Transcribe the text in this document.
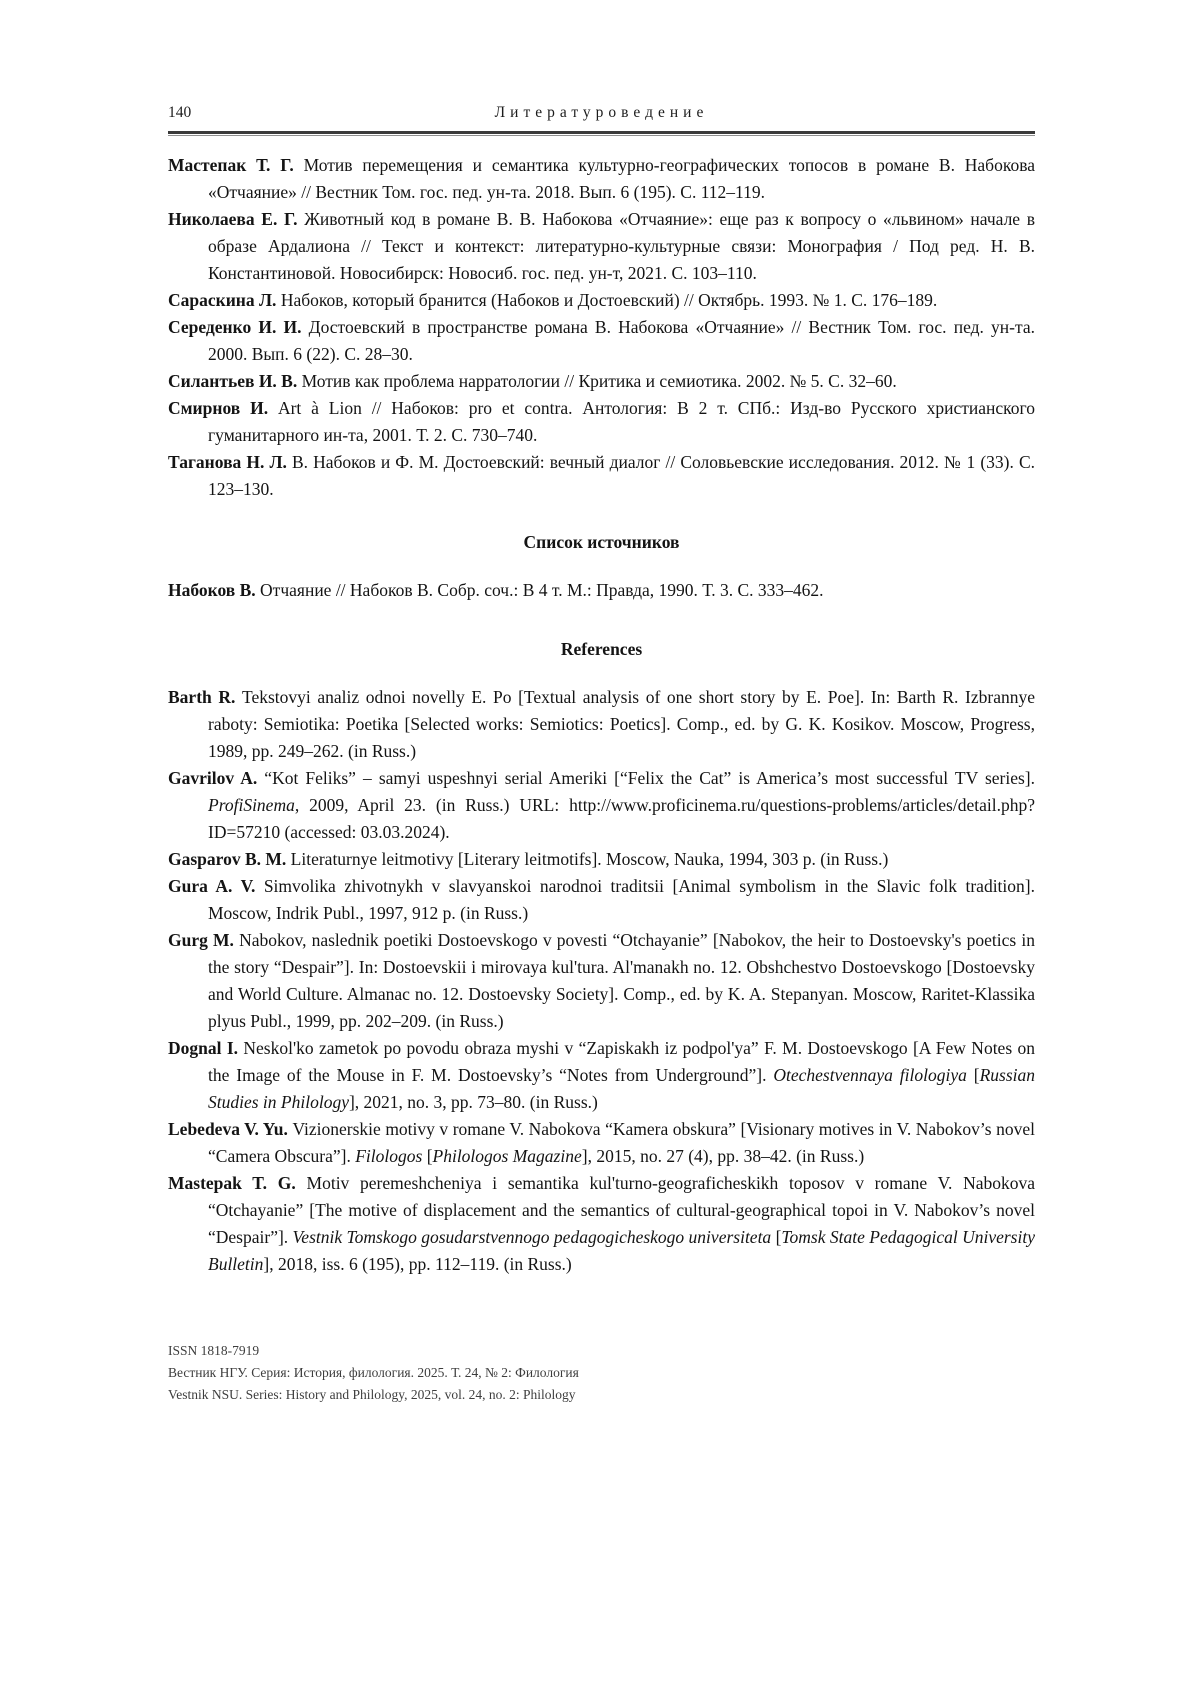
140	Литературоведение
Мастепак Т. Г. Мотив перемещения и семантика культурно-географических топосов в романе В. Набокова «Отчаяние» // Вестник Том. гос. пед. ун-та. 2018. Вып. 6 (195). С. 112–119.
Николаева Е. Г. Животный код в романе В. В. Набокова «Отчаяние»: еще раз к вопросу о «львином» начале в образе Ардалиона // Текст и контекст: литературно-культурные связи: Монография / Под ред. Н. В. Константиновой. Новосибирск: Новосиб. гос. пед. ун-т, 2021. С. 103–110.
Сараскина Л. Набоков, который бранится (Набоков и Достоевский) // Октябрь. 1993. № 1. С. 176–189.
Середенко И. И. Достоевский в пространстве романа В. Набокова «Отчаяние» // Вестник Том. гос. пед. ун-та. 2000. Вып. 6 (22). С. 28–30.
Силантьев И. В. Мотив как проблема нарратологии // Критика и семиотика. 2002. № 5. С. 32–60.
Смирнов И. Art à Lion // Набоков: pro et contra. Антология: В 2 т. СПб.: Изд-во Русского христианского гуманитарного ин-та, 2001. Т. 2. С. 730–740.
Таганова Н. Л. В. Набоков и Ф. М. Достоевский: вечный диалог // Соловьевские исследования. 2012. № 1 (33). С. 123–130.
Список источников
Набоков В. Отчаяние // Набоков В. Собр. соч.: В 4 т. М.: Правда, 1990. Т. 3. С. 333–462.
References
Barth R. Tekstovyi analiz odnoi novelly E. Po [Textual analysis of one short story by E. Poe]. In: Barth R. Izbrannye raboty: Semiotika: Poetika [Selected works: Semiotics: Poetics]. Comp., ed. by G. K. Kosikov. Moscow, Progress, 1989, pp. 249–262. (in Russ.)
Gavrilov A. “Kot Feliks” – samyi uspeshnyi serial Ameriki [“Felix the Cat” is America’s most successful TV series]. ProfiSinema, 2009, April 23. (in Russ.) URL: http://www.proficinema.ru/questions-problems/articles/detail.php?ID=57210 (accessed: 03.03.2024).
Gasparov B. M. Literaturnye leitmotivy [Literary leitmotifs]. Moscow, Nauka, 1994, 303 p. (in Russ.)
Gura A. V. Simvolika zhivotnykh v slavyanskoi narodnoi traditsii [Animal symbolism in the Slavic folk tradition]. Moscow, Indrik Publ., 1997, 912 p. (in Russ.)
Gurg M. Nabokov, naslednik poetiki Dostoevskogo v povesti “Otchayanie” [Nabokov, the heir to Dostoevsky's poetics in the story “Despair”]. In: Dostoevskii i mirovaya kul'tura. Al'manakh no. 12. Obshchestvo Dostoevskogo [Dostoevsky and World Culture. Almanac no. 12. Dostoevsky Society]. Comp., ed. by K. A. Stepanyan. Moscow, Raritet-Klassika plyus Publ., 1999, pp. 202–209. (in Russ.)
Dognal I. Neskol'ko zametok po povodu obraza myshi v “Zapiskakh iz podpol'ya” F. M. Dostoevskogo [A Few Notes on the Image of the Mouse in F. M. Dostoevsky’s “Notes from Underground”]. Otechestvennaya filologiya [Russian Studies in Philology], 2021, no. 3, pp. 73–80. (in Russ.)
Lebedeva V. Yu. Vizionerskie motivy v romane V. Nabokova “Kamera obskura” [Visionary motives in V. Nabokov’s novel “Camera Obscura”]. Filologos [Philologos Magazine], 2015, no. 27 (4), pp. 38–42. (in Russ.)
Mastepak T. G. Motiv peremeshcheniya i semantika kul'turno-geograficheskikh toposov v romane V. Nabokova “Otchayanie” [The motive of displacement and the semantics of cultural-geographical topoi in V. Nabokov’s novel “Despair”]. Vestnik Tomskogo gosudarstvennogo pedagogicheskogo universiteta [Tomsk State Pedagogical University Bulletin], 2018, iss. 6 (195), pp. 112–119. (in Russ.)
ISSN 1818-7919
Вестник НГУ. Серия: История, филология. 2025. Т. 24, № 2: Филология
Vestnik NSU. Series: History and Philology, 2025, vol. 24, no. 2: Philology
